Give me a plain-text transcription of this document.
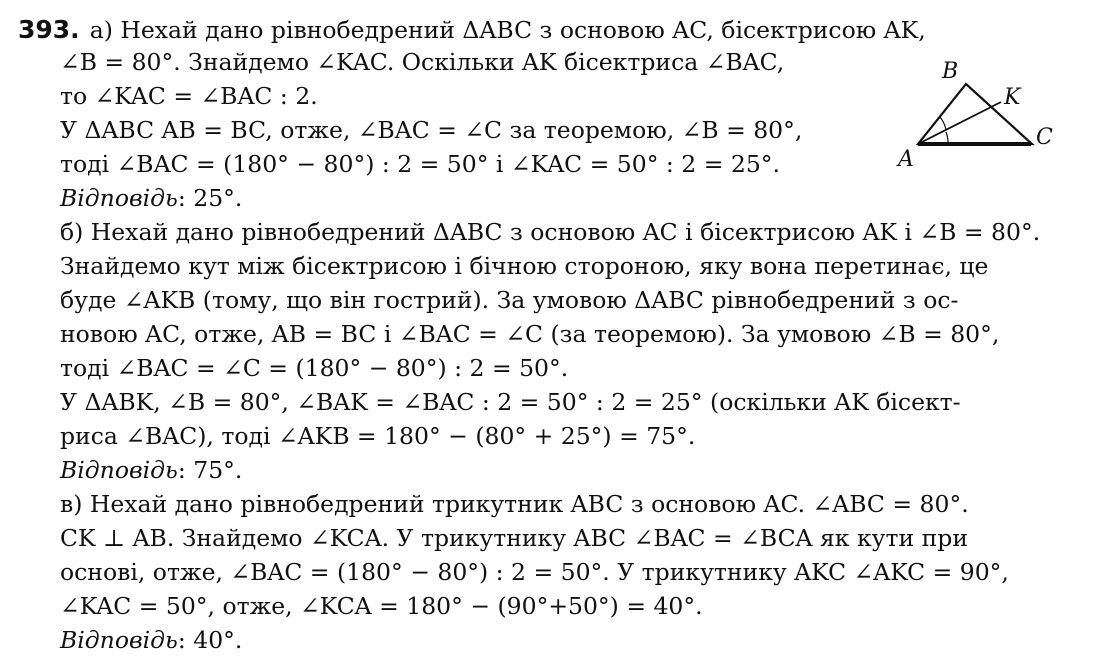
393. а) Нехай дано рівнобедрений ΔABC з основою AC, бісектрисою AK,
∠B = 80°. Знайдемо ∠KAC. Оскільки AK бісектриса ∠BAC,
то ∠KAC = ∠BAC : 2.
У ΔABC AB = BC, отже, ∠BAC = ∠C за теоремою, ∠B = 80°,
тоді ∠BAC = (180° − 80°) : 2 = 50° і ∠KAC = 50° : 2 = 25°.
Відповідь: 25°.
б) Нехай дано рівнобедрений ΔABC з основою AC і бісектрисою AK і ∠B = 80°.
Знайдемо кут між бісектрисою і бічною стороною, яку вона перетинає, це
буде ∠AKB (тому, що він гострий). За умовою ΔABC рівнобедрений з ос-
новою AC, отже, AB = BC і ∠BAC = ∠C (за теоремою). За умовою ∠B = 80°,
тоді ∠BAC = ∠C = (180° − 80°) : 2 = 50°.
У ΔABK, ∠B = 80°, ∠BAK = ∠BAC : 2 = 50° : 2 = 25° (оскільки AK бісект-
риса ∠BAC), тоді ∠AKB = 180° − (80° + 25°) = 75°.
Відповідь: 75°.
в) Нехай дано рівнобедрений трикутник ABC з основою AC. ∠ABC = 80°.
CK ⊥ AB. Знайдемо ∠KCA. У трикутнику ABC ∠BAC = ∠BCA як кути при
основі, отже, ∠BAC = (180° − 80°) : 2 = 50°. У трикутнику AKC ∠AKC = 90°,
∠KAC = 50°, отже, ∠KCA = 180° − (90°+50°) = 40°.
Відповідь: 40°.
B
K
C
A
